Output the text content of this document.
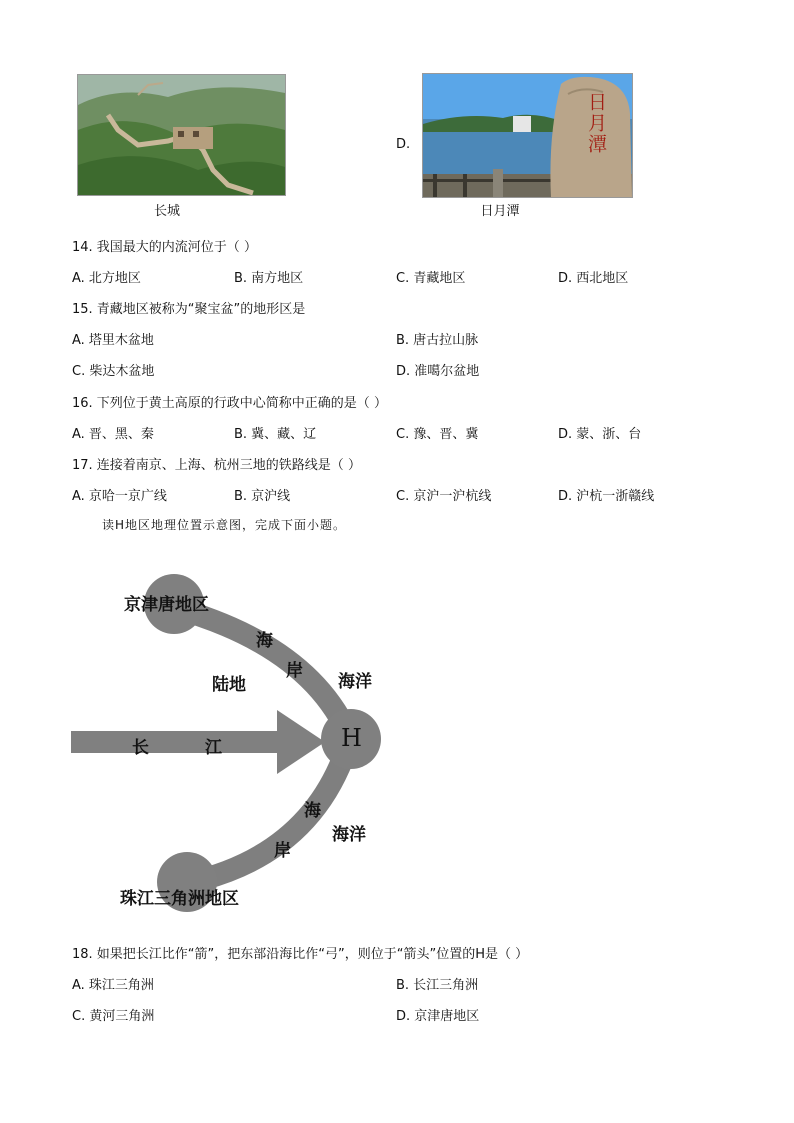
长城
D.	日月潭
日月潭
14. 我国最大的内流河位于（ ）
A. 北方地区	B. 南方地区	C. 青藏地区	D. 西北地区
15. 青藏地区被称为“聚宝盆”的地形区是
A. 塔里木盆地	B. 唐古拉山脉
C. 柴达木盆地	D. 准噶尔盆地
16. 下列位于黄土高原的行政中心简称中正确的是（ ）
A. 晋、黑、秦	B. 冀、藏、辽	C. 豫、晋、冀	D. 蒙、浙、台
17. 连接着南京、上海、杭州三地的铁路线是（ ）
A. 京哈一京广线	B. 京沪线	C. 京沪一沪杭线	D. 沪杭一浙赣线
读H地区地理位置示意图，完成下面小题。
京津唐地区
珠江三角洲地区
H
陆地
长	江
海
岸
海洋
海
岸
海洋
18. 如果把长江比作“箭”，把东部沿海比作“弓”，则位于“箭头”位置的H是（ ）
A. 珠江三角洲	B. 长江三角洲
C. 黄河三角洲	D. 京津唐地区
